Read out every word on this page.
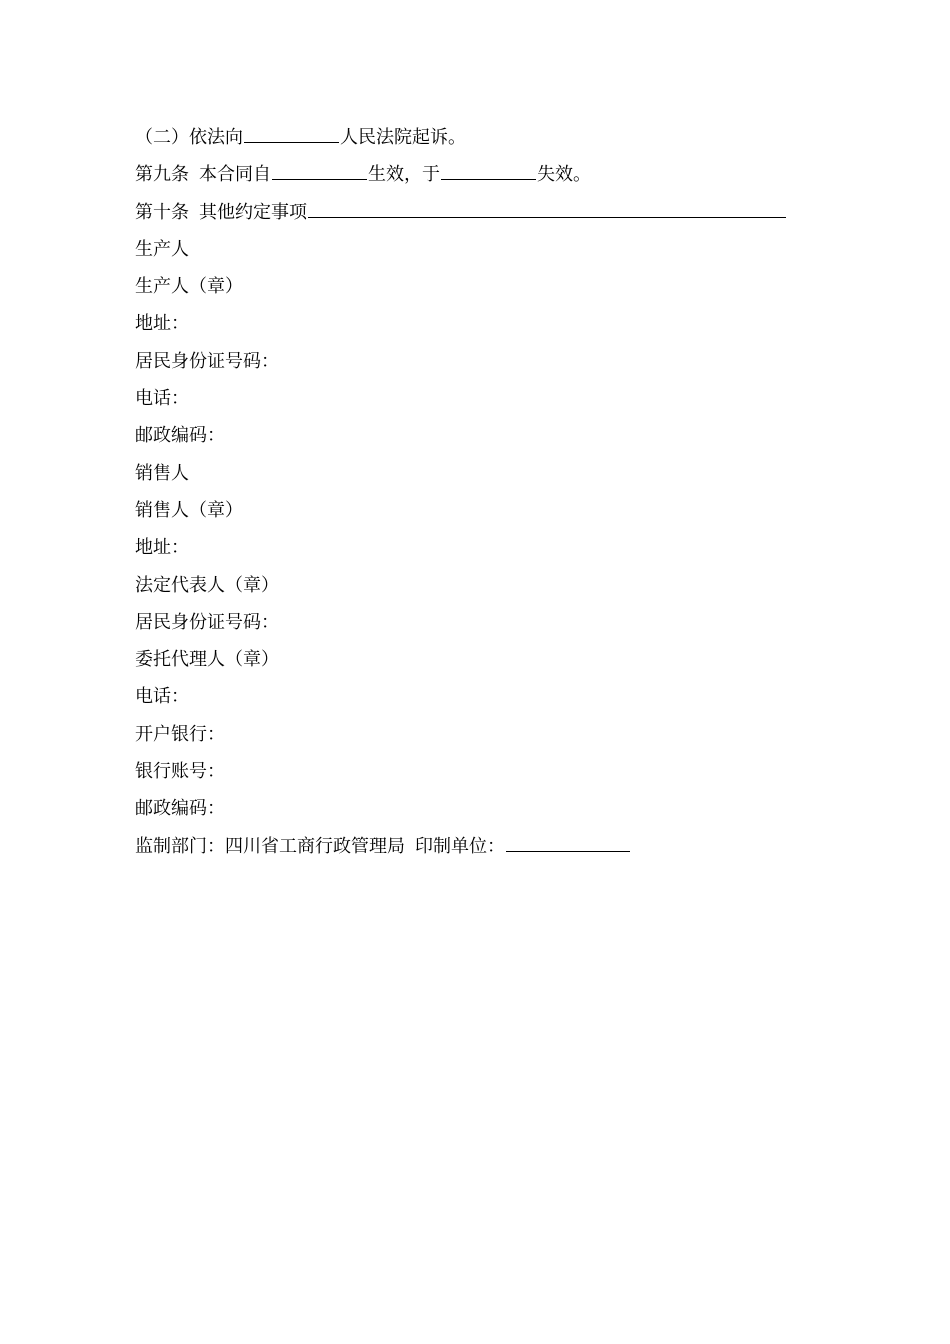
（二）依法向	人民法院起诉。
第九条 本合同自	生效，于	失效。
第十条 其他约定事项
生产人
生产人（章）
地址：
居民身份证号码：
电话：
邮政编码：
销售人
销售人（章）
地址：
法定代表人（章）
居民身份证号码：
委托代理人（章）
电话：
开户银行：
银行账号：
邮政编码：
监制部门：四川省工商行政管理局 印制单位：
